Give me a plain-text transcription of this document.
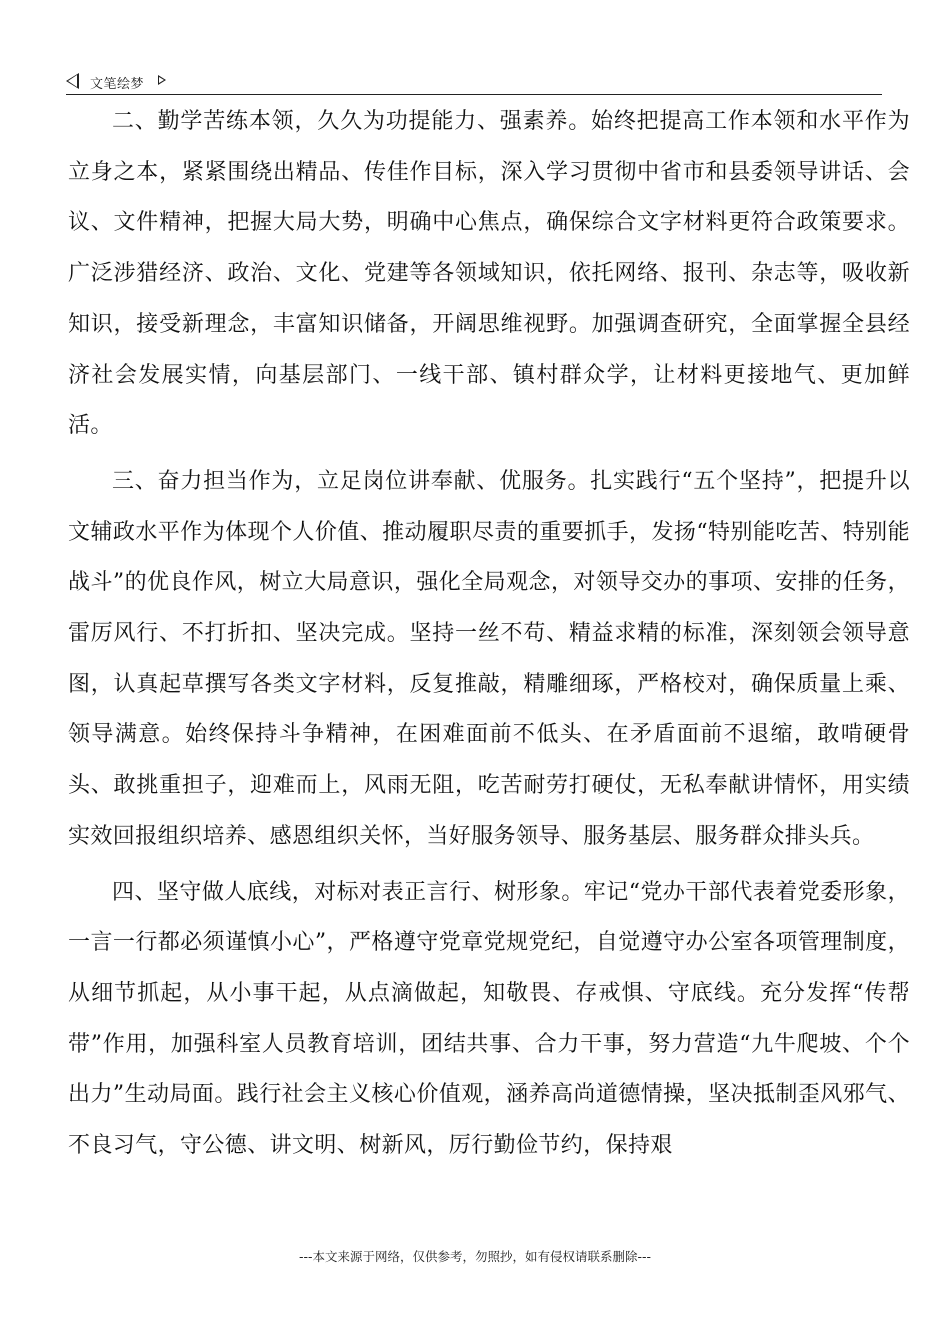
文笔绘梦

二、勤学苦练本领，久久为功提能力、强素养。始终把提高工作本领和水平作为立身之本，紧紧围绕出精品、传佳作目标，深入学习贯彻中省市和县委领导讲话、会议、文件精神，把握大局大势，明确中心焦点，确保综合文字材料更符合政策要求。广泛涉猎经济、政治、文化、党建等各领域知识，依托网络、报刊、杂志等，吸收新知识，接受新理念，丰富知识储备，开阔思维视野。加强调查研究，全面掌握全县经济社会发展实情，向基层部门、一线干部、镇村群众学，让材料更接地气、更加鲜活。

三、奋力担当作为，立足岗位讲奉献、优服务。扎实践行“五个坚持”，把提升以文辅政水平作为体现个人价值、推动履职尽责的重要抓手，发扬“特别能吃苦、特别能战斗”的优良作风，树立大局意识，强化全局观念，对领导交办的事项、安排的任务，雷厉风行、不打折扣、坚决完成。坚持一丝不苟、精益求精的标准，深刻领会领导意图，认真起草撰写各类文字材料，反复推敲，精雕细琢，严格校对，确保质量上乘、领导满意。始终保持斗争精神，在困难面前不低头、在矛盾面前不退缩，敢啃硬骨头、敢挑重担子，迎难而上，风雨无阻，吃苦耐劳打硬仗，无私奉献讲情怀，用实绩实效回报组织培养、感恩组织关怀，当好服务领导、服务基层、服务群众排头兵。

四、坚守做人底线，对标对表正言行、树形象。牢记“党办干部代表着党委形象，一言一行都必须谨慎小心”，严格遵守党章党规党纪，自觉遵守办公室各项管理制度，从细节抓起，从小事干起，从点滴做起，知敬畏、存戒惧、守底线。充分发挥“传帮带”作用，加强科室人员教育培训，团结共事、合力干事，努力营造“九牛爬坡、个个出力”生动局面。践行社会主义核心价值观，涵养高尚道德情操，坚决抵制歪风邪气、不良习气，守公德、讲文明、树新风，厉行勤俭节约，保持艰

---本文来源于网络，仅供参考，勿照抄，如有侵权请联系删除---
